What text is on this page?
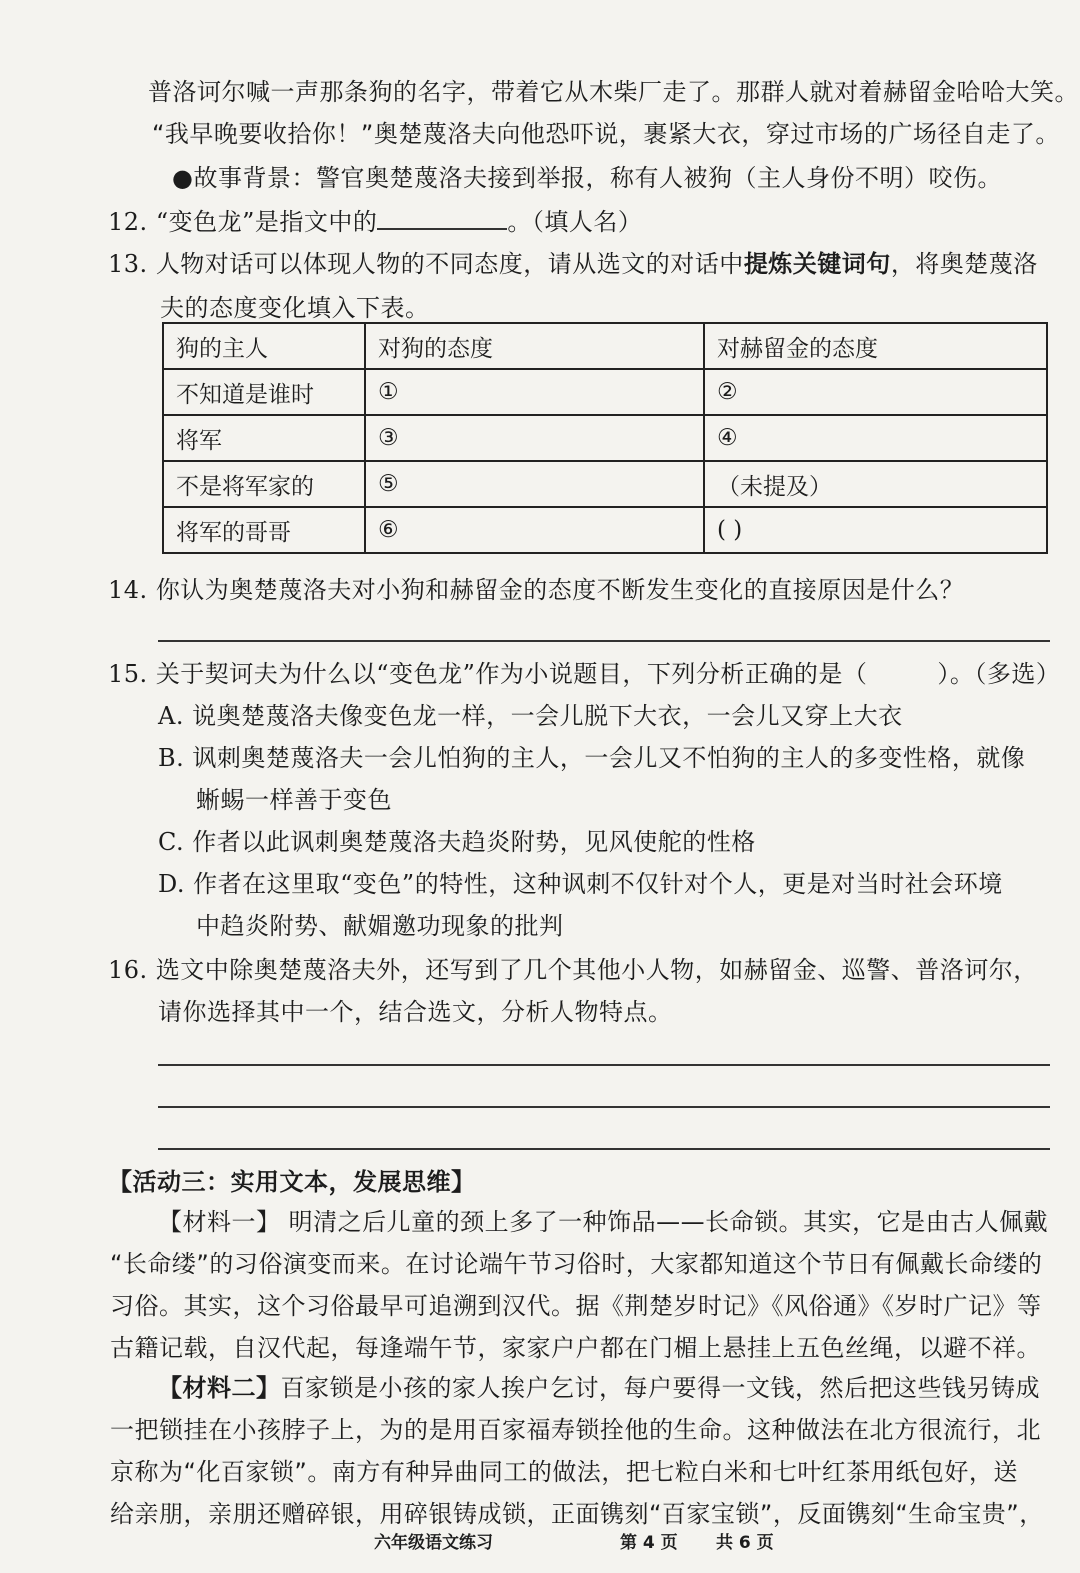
普洛诃尔喊一声那条狗的名字，带着它从木柴厂走了。那群人就对着赫留金哈哈大笑。
“我早晚要收拾你！”奥楚蔑洛夫向他恐吓说，裹紧大衣，穿过市场的广场径自走了。
●故事背景：警官奥楚蔑洛夫接到举报，称有人被狗（主人身份不明）咬伤。
12. “变色龙”是指文中的	。（填人名）
13. 人物对话可以体现人物的不同态度，请从选文的对话中提炼关键词句，将奥楚蔑洛
夫的态度变化填入下表。
狗的主人	对狗的态度	对赫留金的态度
不知道是谁时	①	②
将军	③	④
不是将军家的	⑤	（未提及）
将军的哥哥	⑥	( )
14. 你认为奥楚蔑洛夫对小狗和赫留金的态度不断发生变化的直接原因是什么？
15. 关于契诃夫为什么以“变色龙”作为小说题目，下列分析正确的是（	）。（多选）
A. 说奥楚蔑洛夫像变色龙一样，一会儿脱下大衣，一会儿又穿上大衣
B. 讽刺奥楚蔑洛夫一会儿怕狗的主人，一会儿又不怕狗的主人的多变性格，就像
蜥蜴一样善于变色
C. 作者以此讽刺奥楚蔑洛夫趋炎附势，见风使舵的性格
D. 作者在这里取“变色”的特性，这种讽刺不仅针对个人，更是对当时社会环境
中趋炎附势、献媚邀功现象的批判
16. 选文中除奥楚蔑洛夫外，还写到了几个其他小人物，如赫留金、巡警、普洛诃尔，
请你选择其中一个，结合选文，分析人物特点。
【活动三：实用文本，发展思维】
【材料一】 明清之后儿童的颈上多了一种饰品——长命锁。其实，它是由古人佩戴
“长命缕”的习俗演变而来。在讨论端午节习俗时，大家都知道这个节日有佩戴长命缕的
习俗。其实，这个习俗最早可追溯到汉代。据《荆楚岁时记》《风俗通》《岁时广记》等
古籍记载，自汉代起，每逢端午节，家家户户都在门楣上悬挂上五色丝绳，以避不祥。
【材料二】百家锁是小孩的家人挨户乞讨，每户要得一文钱，然后把这些钱另铸成
一把锁挂在小孩脖子上，为的是用百家福寿锁拴他的生命。这种做法在北方很流行，北
京称为“化百家锁”。南方有种异曲同工的做法，把七粒白米和七叶红茶用纸包好，送
给亲朋，亲朋还赠碎银，用碎银铸成锁，正面镌刻“百家宝锁”，反面镌刻“生命宝贵”，
六年级语文练习	第 4 页 共 6 页
